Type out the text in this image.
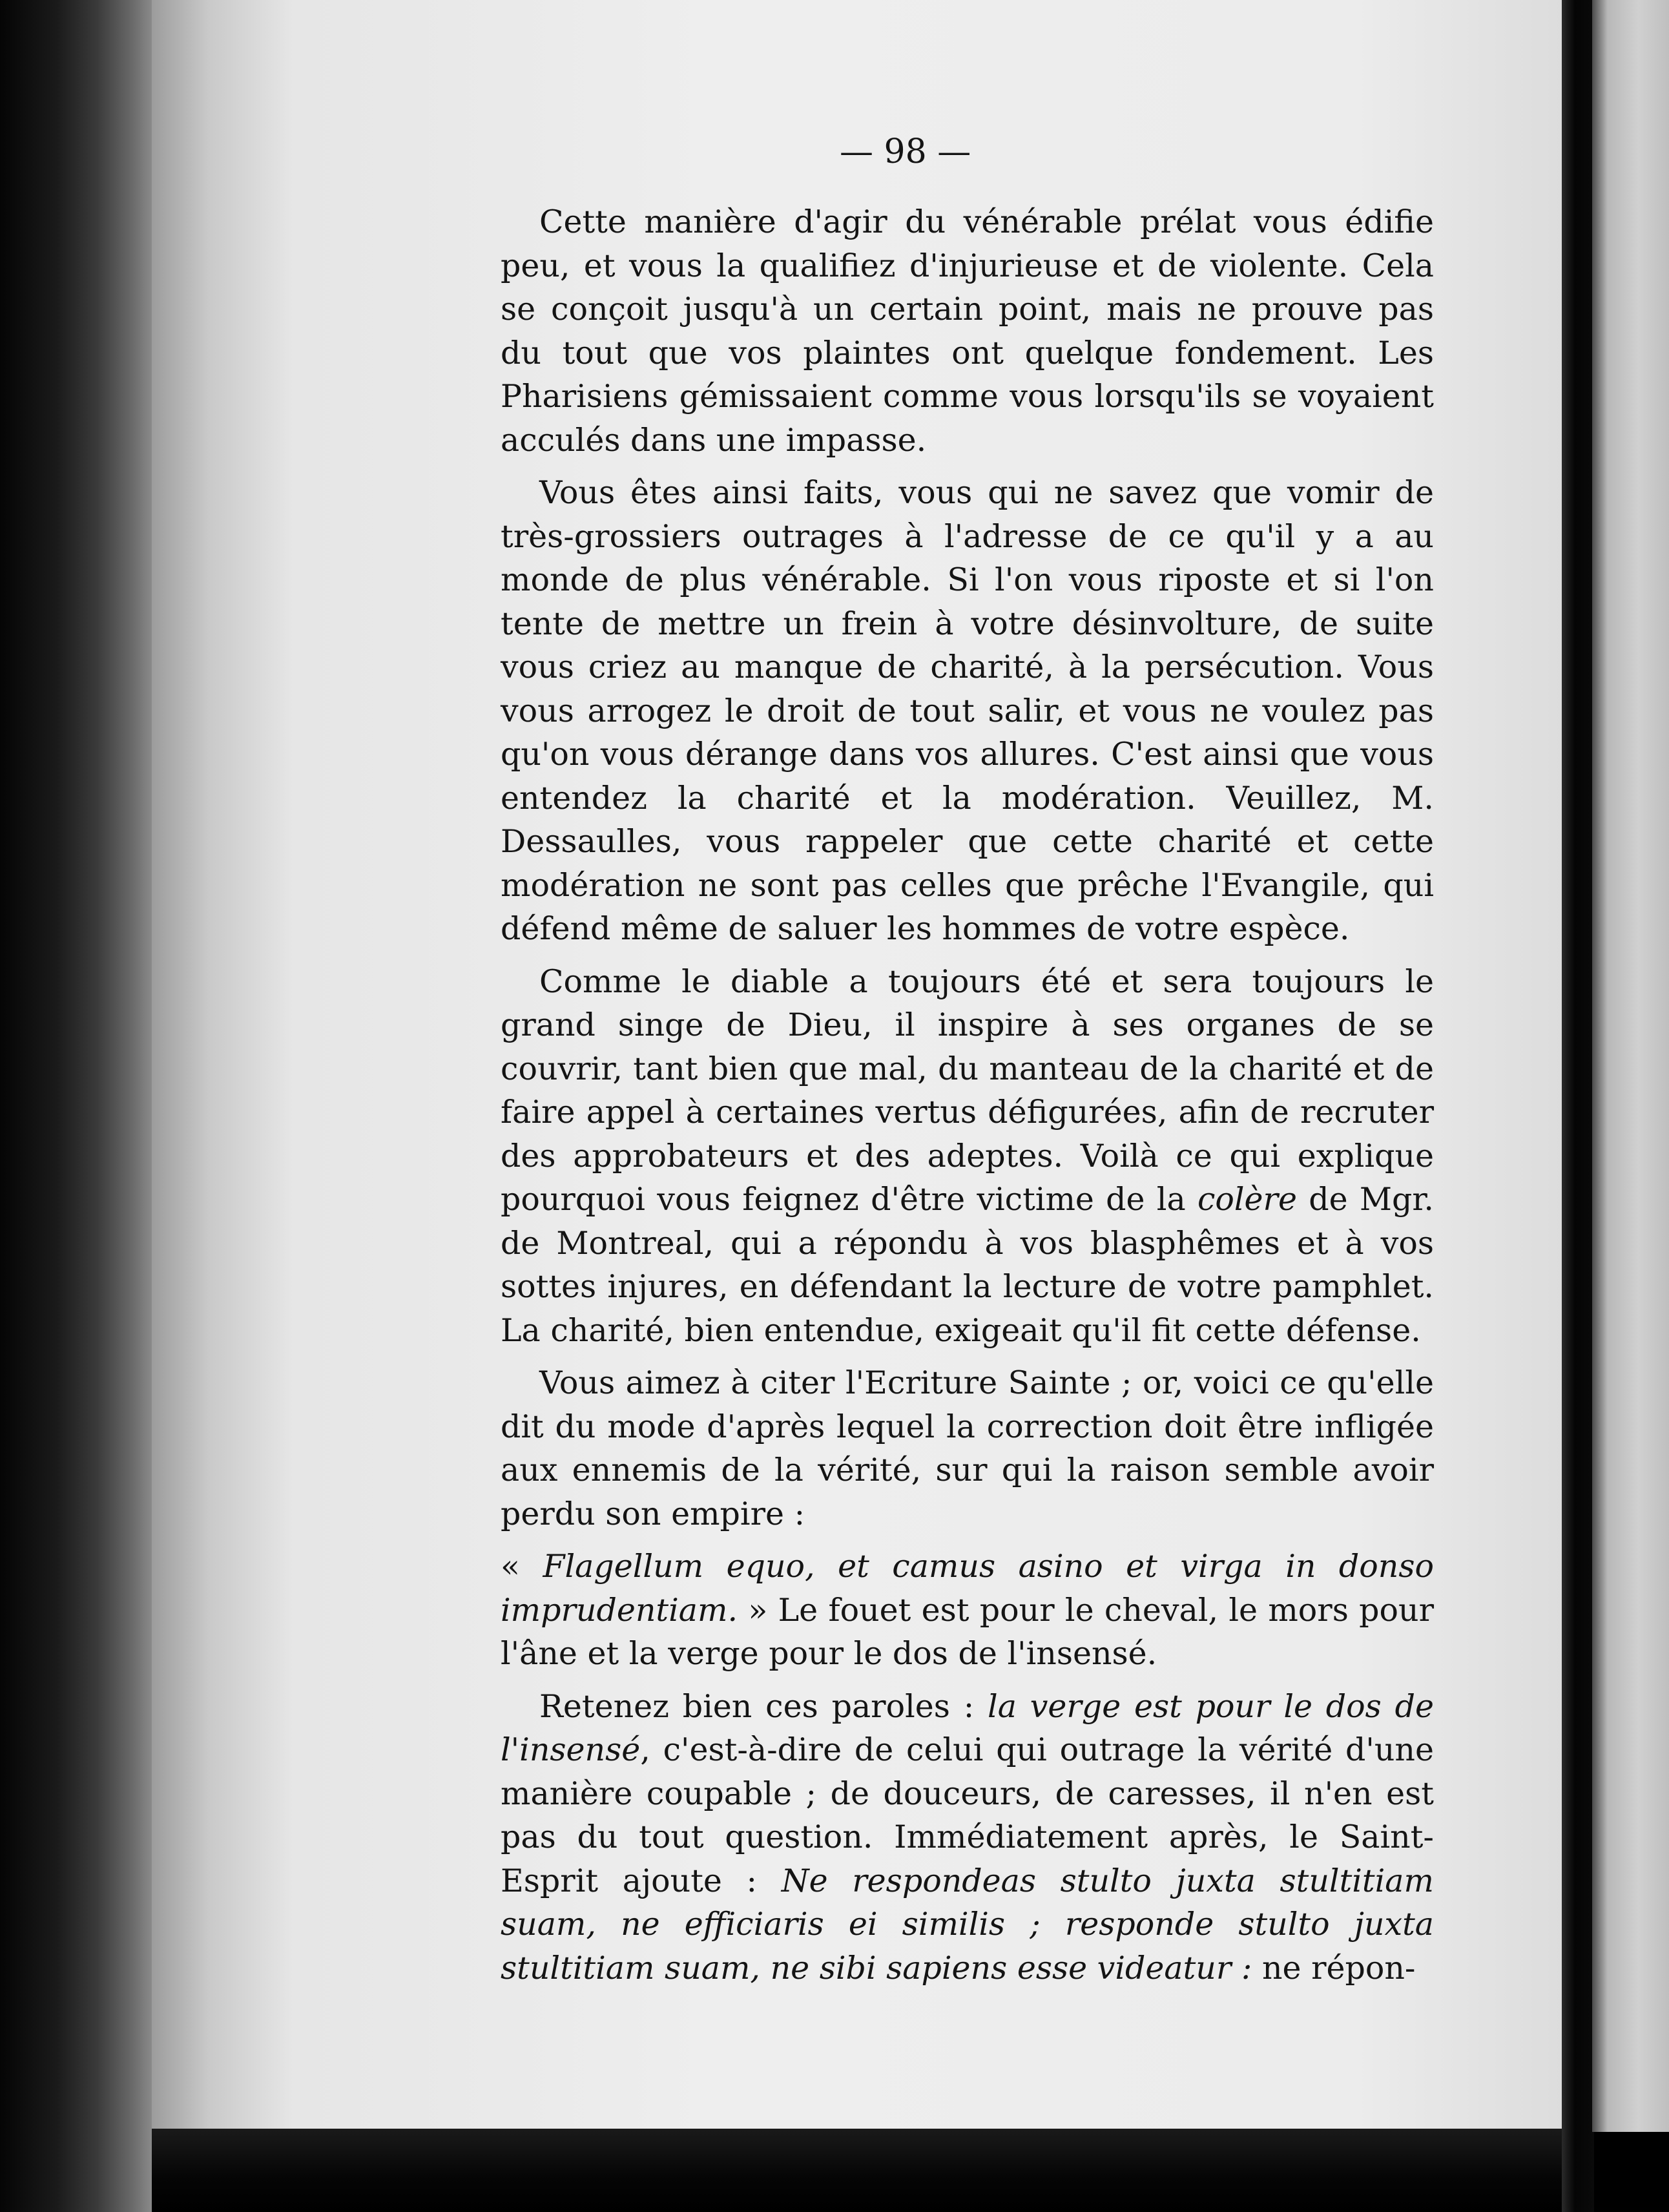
— 98 —

Cette manière d'agir du vénérable prélat vous édifie peu, et vous la qualifiez d'injurieuse et de violente. Cela se conçoit jusqu'à un certain point, mais ne prouve pas du tout que vos plaintes ont quelque fondement. Les Pharisiens gémissaient comme vous lorsqu'ils se voyaient acculés dans une impasse.

Vous êtes ainsi faits, vous qui ne savez que vomir de très-grossiers outrages à l'adresse de ce qu'il y a au monde de plus vénérable. Si l'on vous riposte et si l'on tente de mettre un frein à votre désinvolture, de suite vous criez au manque de charité, à la persécution. Vous vous arrogez le droit de tout salir, et vous ne voulez pas qu'on vous dérange dans vos allures. C'est ainsi que vous entendez la charité et la modération. Veuillez, M. Dessaulles, vous rappeler que cette charité et cette modération ne sont pas celles que prêche l'Evangile, qui défend même de saluer les hommes de votre espèce.

Comme le diable a toujours été et sera toujours le grand singe de Dieu, il inspire à ses organes de se couvrir, tant bien que mal, du manteau de la charité et de faire appel à certaines vertus défigurées, afin de recruter des approbateurs et des adeptes. Voilà ce qui explique pourquoi vous feignez d'être victime de la colère de Mgr. de Montreal, qui a répondu à vos blasphêmes et à vos sottes injures, en défendant la lecture de votre pamphlet. La charité, bien entendue, exigeait qu'il fit cette défense.

Vous aimez à citer l'Ecriture Sainte ; or, voici ce qu'elle dit du mode d'après lequel la correction doit être infligée aux ennemis de la vérité, sur qui la raison semble avoir perdu son empire :

« Flagellum equo, et camus asino et virga in donso imprudentiam. » Le fouet est pour le cheval, le mors pour l'âne et la verge pour le dos de l'insensé.

Retenez bien ces paroles : la verge est pour le dos de l'insensé, c'est-à-dire de celui qui outrage la vérité d'une manière coupable ; de douceurs, de caresses, il n'en est pas du tout question. Immédiatement après, le Saint-Esprit ajoute : Ne respondeas stulto juxta stultitiam suam, ne efficiaris ei similis ; responde stulto juxta stultitiam suam, ne sibi sapiens esse videatur : ne répon-
